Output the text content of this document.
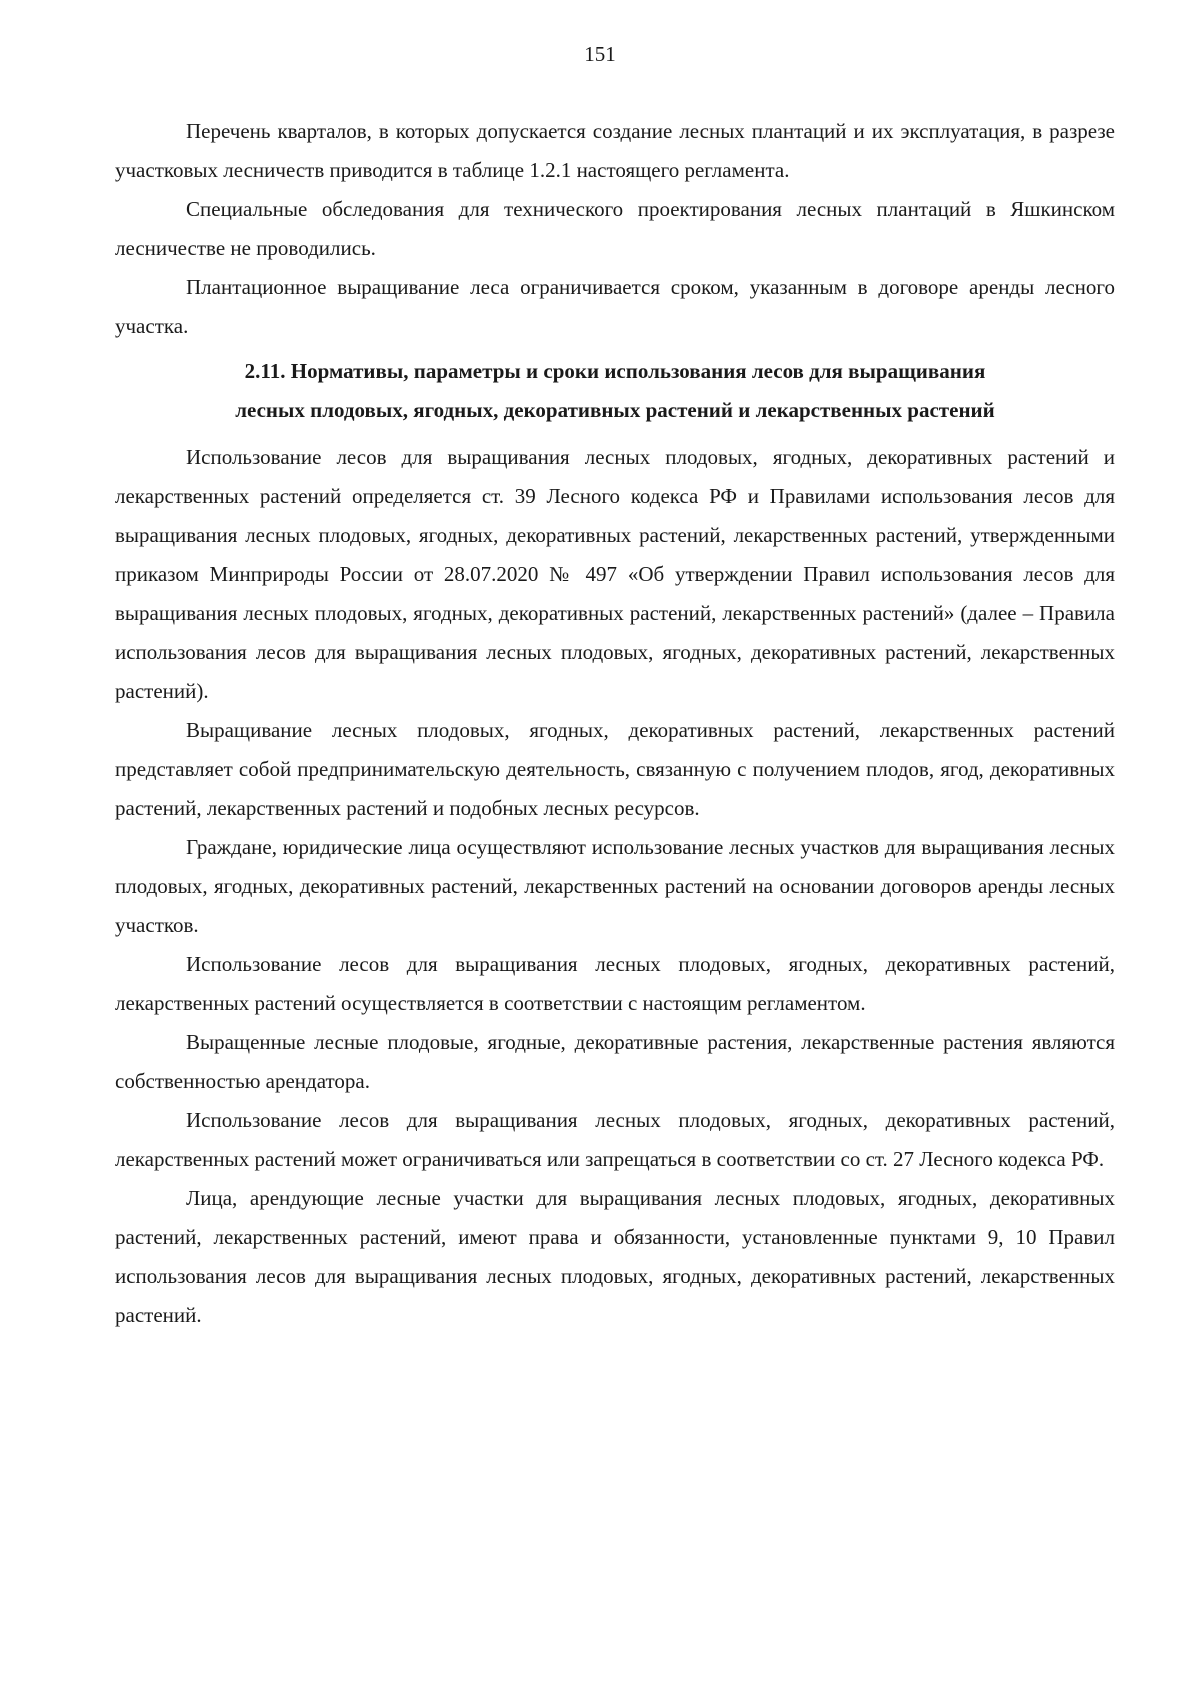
151

Перечень кварталов, в которых допускается создание лесных плантаций и их эксплуатация, в разрезе участковых лесничеств приводится в таблице 1.2.1 настоящего регламента.

Специальные обследования для технического проектирования лесных плантаций в Яшкинском лесничестве не проводились.

Плантационное выращивание леса ограничивается сроком, указанным в договоре аренды лесного участка.

2.11. Нормативы, параметры и сроки использования лесов для выращивания
лесных плодовых, ягодных, декоративных растений и лекарственных растений

Использование лесов для выращивания лесных плодовых, ягодных, декоративных растений и лекарственных растений определяется ст. 39 Лесного кодекса РФ и Правилами использования лесов для выращивания лесных плодовых, ягодных, декоративных растений, лекарственных растений, утвержденными приказом Минприроды России от 28.07.2020 № 497 «Об утверждении Правил использования лесов для выращивания лесных плодовых, ягодных, декоративных растений, лекарственных растений» (далее – Правила использования лесов для выращивания лесных плодовых, ягодных, декоративных растений, лекарственных растений).

Выращивание лесных плодовых, ягодных, декоративных растений, лекарственных растений представляет собой предпринимательскую деятельность, связанную с получением плодов, ягод, декоративных растений, лекарственных растений и подобных лесных ресурсов.

Граждане, юридические лица осуществляют использование лесных участков для выращивания лесных плодовых, ягодных, декоративных растений, лекарственных растений на основании договоров аренды лесных участков.

Использование лесов для выращивания лесных плодовых, ягодных, декоративных растений, лекарственных растений осуществляется в соответствии с настоящим регламентом.

Выращенные лесные плодовые, ягодные, декоративные растения, лекарственные растения являются собственностью арендатора.

Использование лесов для выращивания лесных плодовых, ягодных, декоративных растений, лекарственных растений может ограничиваться или запрещаться в соответствии со ст. 27 Лесного кодекса РФ.

Лица, арендующие лесные участки для выращивания лесных плодовых, ягодных, декоративных растений, лекарственных растений, имеют права и обязанности, установленные пунктами 9, 10 Правил использования лесов для выращивания лесных плодовых, ягодных, декоративных растений, лекарственных растений.
